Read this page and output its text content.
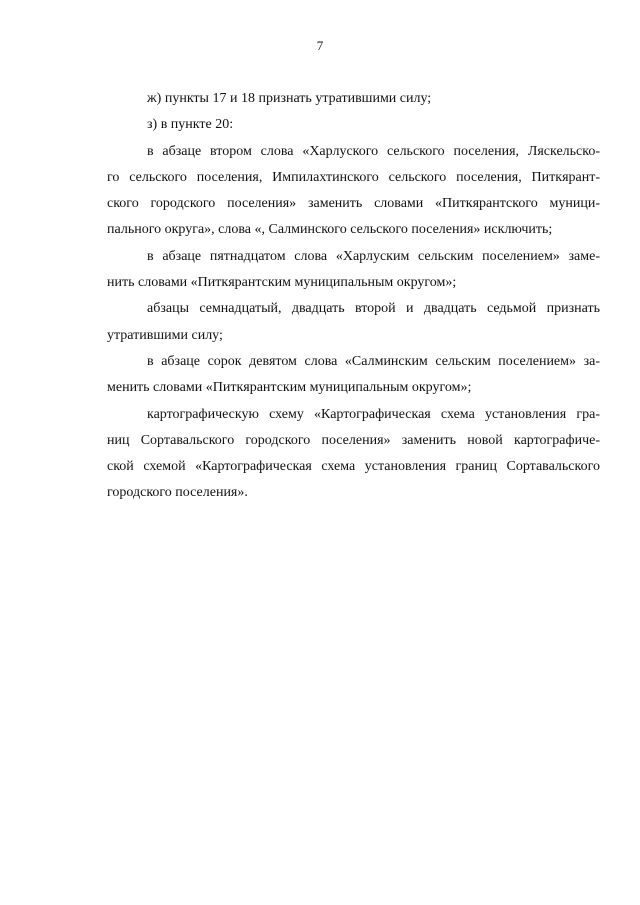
7
ж) пункты 17 и 18 признать утратившими силу;
з) в пункте 20:
в абзаце втором слова «Харлуского сельского поселения, Ляскельско-
го сельского поселения, Импилахтинского сельского поселения, Питкярант-
ского городского поселения» заменить словами «Питкярантского муници-
пального округа», слова «, Салминского сельского поселения» исключить;
в абзаце пятнадцатом слова «Харлуским сельским поселением» заме-
нить словами «Питкярантским муниципальным округом»;
абзацы семнадцатый, двадцать второй и двадцать седьмой признать
утратившими силу;
в абзаце сорок девятом слова «Салминским сельским поселением» за-
менить словами «Питкярантским муниципальным округом»;
картографическую схему «Картографическая схема установления гра-
ниц Сортавальского городского поселения» заменить новой картографиче-
ской схемой «Картографическая схема установления границ Сортавальского
городского поселения».
